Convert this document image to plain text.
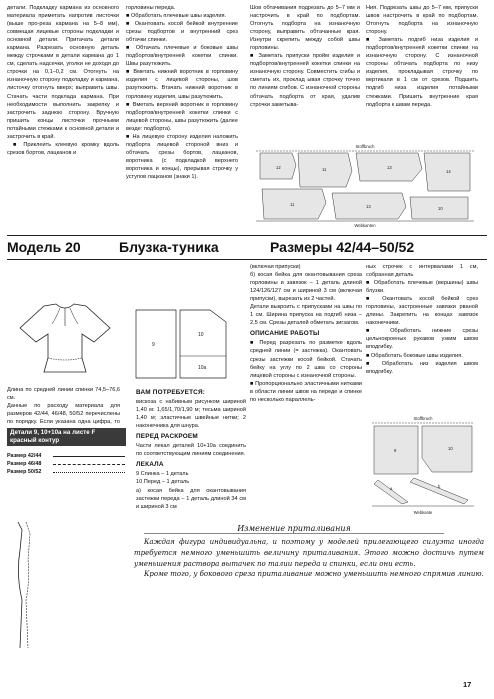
детали. Подкладку кармана из основного материала приметать напротив листочки (выше про-реза кармана на 5–8 мм), совмещая лицевые стороны подкладки и основной детали. Притачать детали кармана. Разрезать основную деталь между строчками в детали кармана до 1 см, сделать надсечки, уголки не доходя до строчки на 0,1–0,2 см. Отогнуть на изнаночную сторону подкладку и кармана, листочку отогнуть вверх; выправить швы. Стачать части подклада кармана. При необходимости выполнить закрепку и застрочить заднюю сторону. Вручную пришить концы листочки прочными потайными стежками к основной детали и застрочить в край.

■ Приклеить клеевую кромку вдоль срезов бортов, лацканов и

горловины переда.

■ Обработать плечевые швы изделия.

■ Окантовать косой бейкой внутренние срезы подбортов и внутренний срез обтачки спинки.

■ Обтачать плечевые и боковые швы подбортов/внутренней кокетки спинки. Швы разутюжить.

■ Вметать нижний воротник в горловину изделия с лицевой стороны, шов разутюжить. Втачать нижний воротник в горловину изделия, швы разутюжить.

■ Вметать верхний воротник в горловину подбортов/внутренней кокетки спинки с лицевой стороны, швы разутюжить (далее везде: подборта).

■ На лицевую сторону изделия наложить подборта лицевой стороной вниз и обтачать срезы бортов, лацканов, воротника (с подкладкой верхнего воротника и концы), прерывая строчку у уступов лацканов (знаки 1).

Шов обтачивания подрезать до 5–7 мм и настрочить в край по подбортам. Отогнуть подборта на изнаночную сторону, выправить обтачанные края. Изнутри скрепить между собой швы горловины.

■ Заметать припуски пройм изделия и подбортов/внутренней кокетки спинки на изнаночную сторону. Совместить сгибы и сметать их, проклад ывая строчку точно по линиям сгибов. С изнаночной стороны обтачать подборта от края, удалив строчки заметыва-

Ния. Подрезать швы до 5–7 мм, припуски швов настрочить в край по подбортам. Отогнуть подборта на изнаночную сторону.

■ Заметать подгиб низа изделия и подбортов/внутренней кокетки спинки на изнаночную сторону. С изнаночной стороны обтачать подборта по низу изделия, прокладывая строчку по вертикали в 1 см от срезов. Подшить подгиб низа изделия потайными стежками. Пришить внутренние края подборта к швам переда.

Stoffbruch
12	11	13
14
11	13	10
Webkanten
Модель 20	Блузка-туника	Размеры 42/44–50/52
9
10
10a

Длина по средней линии спинки 74,5–76,6 см.

Данные по расходу материала для размеров 42/44, 46/48, 50/52 перечислены по порядку. Если указана одна цифра, то

Детали 9, 10+10а на листе F красный контур
Размер 42/44
Размер 46/48
Размер 50/52
ВАМ ПОТРЕБУЕТСЯ:

вискоза с набивным рисунком шириной 1,40 м: 1,65/1,70/1,90 м; тесьма шириной 1,40 м; эластичные швейные нитки; 2 наконечника для шнура.

ПЕРЕД РАСКРОЕМ

Части лекал деталей 10+10а соединить по соответствующим линиям соединения.

ЛЕКАЛА

9 Спинка – 1 деталь

10 Перед – 1 деталь

а) косая бейка для окантовывания застежки переда – 1 деталь длиной 34 см и шириной 3 см

(включая припуски)

б) косая бейка для окантовывания среза горловины и завязок – 1 деталь длиной 124/126/127 см и шириной 3 см (включая припуски), вырезать из 2 частей.

Детали выкроить с припусками на швы по 1 см. Ширина припуска на подгиб низа – 2,5 см. Срезы деталей обметать зигзагом.

ОПИСАНИЕ РАБОТЫ

■ Перед разрезать по разметке вдоль средней линии (= застежка). Окантовать срезы застежки косой бейкой. Стачать бейку на углу по 2 шва со стороны лицевой стороны с изнаночной стороны.

■ Пропорционально эластичными нитками в области линии швов на переде и спинке по несколько параллель-

ных строчек с интервалами 1 см, собранная деталь

■ Обработать плечевые (вершины) швы блузки.

■ Окантовать косой бейкой срез горловины, застроенные завязки рваной длины. Закрепить на концах завязок наконечники.

■ Обработать нижние срезы цельнокроеных рукавов узким швом вподгибку.

■ Обработать боковые швы изделия.

■ Обработать низ изделия швом вподгибку.

Stoffbruch
9	10
a	b
Webkante
Изменение приталивания

Каждая фигура индивидуальна, и поэтому у моделей прилегающего силуэта иногда требуется немного уменьшить величину приталивания. Этого можно достичь путем уменьшения раствора вытачек по талии переда и спинки, если они есть.

Кроме того, у бокового среза приталивание можно уменьшить немного спрямив линию.

17
